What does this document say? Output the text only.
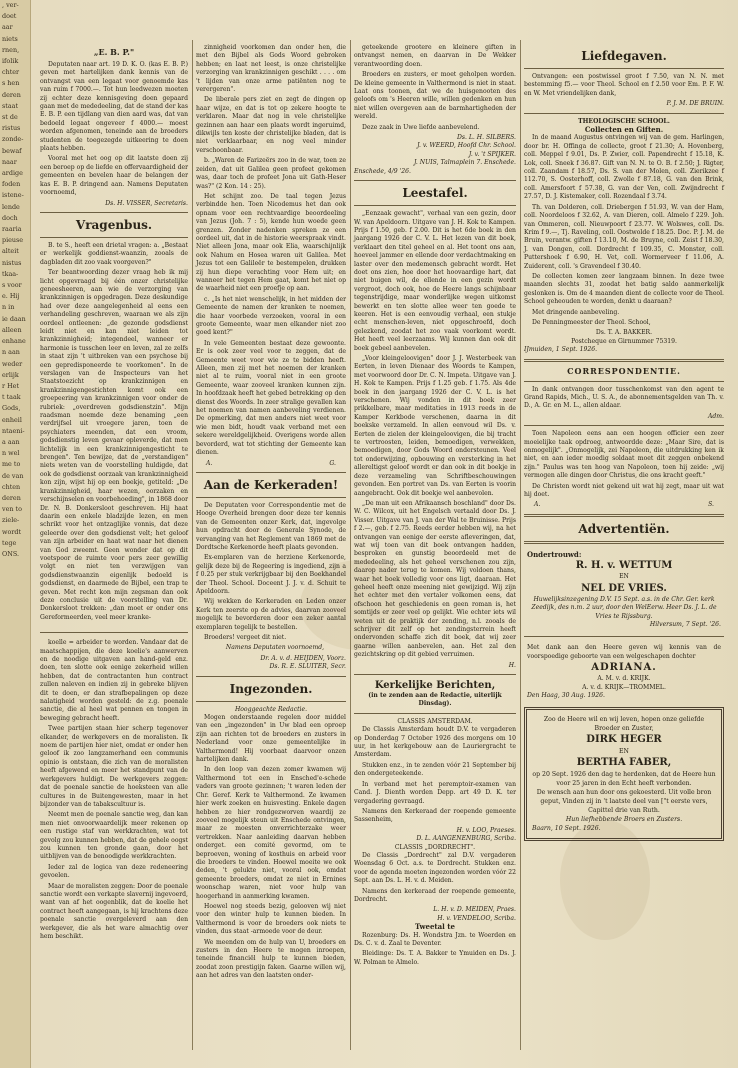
, ver-
doet
aar
niets
rnen,
ifolik
chter
s hen
deren
staat
st de
ristus
zonde-
bewaf
naar
ardige
foden
istene-
lende
doch
raaria
pieuse
alteit
nistus
tkaa-
s voor
e. Hij
n in
ie daan
alleen
enhane
n aan
weder
erlijk
r Het
t taak
Gods,
enheil
ntaeni-
a aan
n wel
me to
de van
chten
deren
ven to
ziele-
wordt
tege
ONS.
„E. B. P."

Deputaten naar art. 19 D. K. O. (kas E. B. P.) geven met hartelijken dank kennis van de ontvangst van een legaat voor genoemde kas van ruim f 7000.—. Tot hun leedwezen moeten zij echter deze kennisgeving doen gepaard gaan met de mededeeling, dat de stand der kas E. B. P. een tijdlang van dien aard was, dat van bedoeld legaat ongeveer f 4000.— moest worden afgenomen, teneinde aan de broeders studenten de toegezegde uitkeering te doen plaats hebben.

Vooral met het oog op dit laatste doen zij een beroep op de liefde en offervaardigheid der gemeenten en bevelen haar de belangen der kas E. B. P. dringend aan. Namens Deputaten voornoemd,

Ds. H. VISSER, Secretaris.
Vragenbus.

B. te S., heeft een drietal vragen: a. „Bestaat er werkelijk goddienst-waanzin, zooals de dagbladen dit zoo vaak voorgeven?"

Ter beantwoording dezer vraag heb ik mij licht opgevraagd bij één onzer christelijke geneesheeren, aan wie de verzorging van krankzinnigen is opgedragen. Deze deskundige had over deze aangelegenheid al eens een verhandeling geschreven, waaraan we als zijn oordeel ontleenen: „de gezonde godsdienst leidt niet en kan niet leiden tot krankzinnigheid; integendeel, wanneer er harmonie is tusschen leer en leven, zal ze zelfs in staat zijn 't uitbreken van een psychose bij een gepredisponeerde te voorkomen". In de verslagen van de Inspecteurs van het Staatstoezicht op krankzinnigen en krankzinnigengestichten komt ook een groepeering van krankzinnigen voor onder de rubriek: „overdreven godsdienstzin". Mijn raadsman noemde deze benaming „een verdrijfsel uit vroegere jaren, toen de psychiaters meenden, dat een vroom, godsdienstig leven gevaar opleverde, dat men lichtelijk in een krankzinnigengesticht te brengen". Ten bewijze, dat de „verstandigen" niets weten van de voorstelling huldigde, dat ook de godsdienst oorzaak van krankzinnigheid kon zijn, wijst hij op een boekje, getiteld: „De krankzinnigheid, haar wezen, oorzaken en verschijnselen en voorbehoeding", in 1868 door Dr. N. B. Donkersloot geschreven. Hij haat daarin een enkele bladzijde lezen, en men schrikt voor het ontzaglijke vonnis, dat deze geleerde over den godsdienst velt; het geloof van zijn arbeider en haat wat naar het dienen van God zweemt. Geen wonder dat op dit voetspoor de ruimte voor pers zeer gewillig volgt en niet ten verzwijgen van godsdienstwaanzin eigenlijk bedoeld is godsdienst, en daarmede de Bijbel, een trap te geven. Met recht kon mijn zegsman dan ook deze conclusie uit de voorstelling van Dr. Donkersloot trekken: „dan moet er onder ons Gereformeerden, veel meer kranke-

koelle = arbeider te worden. Vandaar dat de maatschappijen, die deze koelie's aanwerven en de noodige uitgaven aan hand-geld enz. doen, ten slotte ook eenige zekerheid willen hebben, dat de contractanten hun contract zullen naleven en indien zij in gebreke blijven dit te doen, er dan strafbepalingen op deze nalatigheid worden gesteld: de z.g. poenale sanctie, die al heel wat pennen en tongen in beweging gebracht heeft.

Twee partijen staan hier scherp tegenover elkander, de werkgevers en de moralisten. Ik noem de partijen hier niet, omdat er onder hen geloof ik zoo langzamerhand een communis opinio is ontstaan, die zich van de moralisten heeft afgewend en meer het standpunt van de werkgevers huldigt. De werkgevers zeggen: dat de poenale sanctie de hoeksteen van alle cultures in de Buitengewesten, maar in het bijzonder van de tabakscultuur is.

Neemt men de poenale sanctie weg, dan kan men niet onvoorwaardelijk meer rekenen op een rustige staf van werkkrachten, wat tot gevolg zou kunnen hebben, dat de gehele oogst zou kunnen ten gronde gaan, door het uitblijven van de benoodigde werkkrachten.

Ieder zal de logica van deze redeneering gevoelen.

Maar de moralisten zeggen: Door de poenale sanctie wordt een verkapte slavernij ingevoerd, want van af het oogenblik, dat de koelie het contract heeft aangegaan, is hij krachtens deze poenale sanctie overgeleverd aan den werkgever, die als het ware almachtig over hem beschikt.

zinnigheid voorkomen dan onder hen, die met den Bijbel als Gods Woord gebroken hebben; en laat net leest, is onze christelijke verzorging van krankzinnigen geschikt . . . . om 't lijden van onze arme patiënten nog te verergeren".

De liberale pers ziet en zegt de dingen op haar wijze, en dat is tot op zekere hoogte te verklaren. Maar dat nog in vele christelijke gezinnen aan haar een plaats wordt ingeruimd, dikwijls ten koste der christelijke bladen, dat is niet verklaarbaar, en nog veel minder verschoonbaar.

b. „Waren de Farizeërs zoo in de war, toen ze zeiden, dat uit Galilea geen profeet gekomen was, daar toch de profeet Jona uit Gath-Heser was?" (2 Kon. 14 : 25).

Het schijnt zoo. De taal tegen Jezus verbindde hen. Toen Nicodemus het dan ook opnam voor een rechtvaardige beoordeeling van Jezus (Joh. 7 : 5), kende hun woede geen grenzen. Zonder nadenken spreken ze een oordeel uit, dat in de historie weerspraak vindt. Niet alleen Jona, maar ook Elia, waarschijnlijk ook Nahum en Hosea waren uit Galilea. Met Jezus tot een Galileër te bestempelen, drukken zij hun diepe verachting voor Hem uit; en wanneer het tegen Hem gaat, komt het niet op de waarheid niet een proefje op aan.

c. „Is het niet wenschelijk, in het midden der Gemeente de namen der kranken te noemen, die haar voorbede verzoeken, vooral in een groote Gemeente, waar men elkander niet zoo goed kent?"

In vele Gemeenten bestaat deze gewoonte. Er is ook zeer veel voor te zeggen, dat de Gemeente weet voor wie ze te bidden heeft. Alleen, men zij met het noemen der kranken niet al te ruim, vooral niet in een groote Gemeente, waar zooveel kranken kunnen zijn. In hoofdzaak heeft het gebed betrekking op den dienst des Woords. In zeer stralige gevallen kan het noemen van namen aanbeveling verdienen. De opmerking, dat men anders niet weet voor wie men bidt, houdt vaak verband met een sekere wereldgelijkheid. Overigens worde allen bevorderd, wat tot stichting der Gemeente kan dienen.

A.	G.
Aan de Kerkeraden!

De Deputaten voor Correspondentie met de Hooge Overheid brengen door deze ter kennis van de Gemeenten onzer Kerk, dat, ingevolge hun opdracht door de Generale Synode, de vervanging van het Reglement van 1869 met de Dordtsche Kerkenorde heeft plaats gevonden.

Ex-emplaren van de herziene Kerkenorde, gelijk deze bij de Regeering is ingediend, zijn a f 0.25 per stuk verkrijgbaar bij den Boekhandel der Theol. School. Doceent J. J. v. d. Schuit te Apeldoorn.

Wij wekken de Kerkeraden en Leden onzer Kerk ten zeerste op de advies, daarvan zooveel mogelijk te bevorderen door een zeker aantal exemplaren tegelijk te bestellen.

Broeders! vergeet dit niet.

Namens Deputaten voornoemd,

Dr. A. v. d. HEIJDEN, Voorz.
Ds. R. E. SLUITER, Secr.
Ingezonden.
Hooggeachte Redactie.

Mogen onderstaande regelen door middel van een „ingezonden" in Uw blad een oproep zijn aan richten tot de broeders en zusters in Nederland voor onze gemeentelijke in Valthermond! Hij voorbaat daarvoor onzen hartelijken dank.

In den loop van dezen zomer kwamen wij Valthermond tot een in Ensched'e-schede vaders van groote gezinnen; 't waren leden der Chr. Geref. Kerk te Valthermond. Ze kwamen hier werk zoeken en huisvesting. Enkele dagen hebben ze hier rondgezworven waardij ze zooveel mogelijk steun uit Enschede ontvingen, maar ze moesten onverrichterzake weer vertrekken. Naar aanleiding daarvan hebben onderget. een comité gevormd, om te beproeven, woning of kosthuis en arbeid voor die broeders te vinden. Hoewel moeite we ook deden, 't gelukte niet, vooral ook, omdat gemeente broeders, omdat ze niet in Ernines woonschap waren, niet voor hulp van hoogerhand in aanmerking kwamen.

Hoewel nog steeds bezig, gelooven wij niet voor den winter hulp te kunnen bieden. In Valthermond is voor de broeders ook niets te vinden, dus staat -armoede voor de deur.

We meenden om de hulp van U, broeders en zusters in den Heere te mogen inroepen, teneinde financiël hulp te kunnen bieden, zoodat zoon prestigijn faken. Gaarne willen wij, aan het adres van den laatsten onder-

geteekende grootere en kleinere giften in ontvangst nemen, en daarvan in De Wekker verantwoording doen.

Broeders en zusters, er moet geholpen worden. De kleine gemeente in Valthermond is niet in staat. Laat ons toonen, dat we de huisgenooten des geloofs om 's Heeren wille, willen gedenken en hun niet willen overgeven aan de barmhartigheden der wereld.

Deze zaak in Uwe liefde aanbevelend.

Ds. L. H. SILBERS.
J. v. WEERD, Hoofd Chr. School.
J. v. 't SPIJKER.
J. NUIS, Talmaplein 7. Enschede.
Enschede, 4/9 '26.
Leestafel.

„Eenzaak gewacht", verhaal van een gezin, door W. van Apeldoorn. Uitgave van J. H. Kok te Kampen. Prijs f 1.50, geb. f 2.00. Dit is het 6de boek in den jaargang 1926 der C. V. L. Het lezen van dit boek, verklaart den titel geheel en al. Het toont ons aan, hoeveel jammer en ellende door verdachtmaking en laster over den medemensch gebracht wordt. Het doet ons zien, hoe door het hoovaardige hart, dat niet buigen wil, de ellende in een gezin wordt vergroot, doch ook, hoe de Heere langs schijnbaar tegenstrijdige, maar wonderlijke wegen uitkomst bewerkt en ten slotte allee weer ten goede te keeren. Het is een eenvoudig verhaal, een stukje echt menschen-leven, niet opgeschroefd, doch gelezkend, zoodat het zoo vaak voorkomt wordt. Het heeft veel leerzaams. Wij kunnen dan ook dit boek gebeel aanbevelen.

„Voor kleingeloovigen" door J. J. Westerbeek van Eerten, in leven Dienaar des Woords te Kampen, met voorwoord door Dr. C. N. Impeta. Uitgave van J. H. Kok te Kampen. Prijs f 1.25 geb. f 1.75. Als 4de boek in den jaargang 1926 der C. V. L. is het verschenen. Wij vonden in dit boek zeer prikkelbare, maar meditaties in 1913 reeds in de Kamper Kerkbode verschenen, daarna in dit boekske verzameld. In allen eenvoud wil Ds. v. Eerten de zielen der kleingeloovigen, die bij tracht te vertroosten, leiden, bemoedigen, verwekken, bemoedigen, door Gods Woord ondersteunen. Veel tot onderwijzing, opbouwing en versterking in het allereltigst geloof wordt er dan ook in dit boekje in deze verzameling van Schriftbeschouwingen gevonden. Een portret van Ds. van Eerten is voorin aangebracht. Ook dit boekje wel aanbevolen.

„De man uit een Afrikaansch boschland" door Ds. W. C. Wilcox, uit het Engelsch vertaald door Ds. J. Visser. Uitgave van J. van der Wal te Bruinisse. Prijs f 2.—, geb. f 2.75. Reeds eerder hebben wij, na het ontvangen van eenige der eerste afleveringen, dat, wat wij toen van dit boek ontvangen hadden, besproken en gunstig beoordeeld met de mededeeling, als het geheel verschenen zou zijn, daarop nader terug te komen. Wij voldoen thans, waar het boek volledig voor ons ligt, daaraan. Het geheel heeft onze meening niet gewijzigd. Wij zijn het echter met den vertaler volkomen eens, dat ofschoon het geschiedenis en geen roman is, het somtijds er zeer veel op gelijkt. Wie echter iets wil weten uit de praktijk der zending, n.l. zooals de schrijver dit zelf op het zendingsterrein heeft ondervonden schaffe zich dit boek, dat wij zeer gaarne willen aanbevelen, aan. Het zal den gezichtskring op dit gebied verruimen.

H.
Kerkelijke Berichten,
(in te zenden aan de Redactie, uiterlijk Dinsdag).
CLASSIS AMSTERDAM.

De Classis Amsterdam houdt D.V. te vergaderen op Donderdag 7 October 1926 des morgens om 10 uur, in het kerkgebouw aan de Lauriergracht te Amsterdam.

Stukken enz., in te zenden vóór 21 September bij den ondergeteekende.

In verband met het peremptoir-examen van Cand. J. Dienth worden Depp. art 49 D. K. ter vergadering gevraagd.

Namens den Kerkeraad der roepende gemeente Sassenheim,

H. v. LOO, Praeses.
D. L. AANGENENBURG, Scriba.
CLASSIS „DORDRECHT".

De Classis „Dordrecht" zal D.V. vergaderen Woensdag 6 Oct. a.s. te Dordrecht. Stukken enz. voor de agenda moeten ingezonden worden vóór 22 Sept. aan Ds. L. H. v. d. Meiden.

Namens den kerkeraad der roepende gemeente, Dordrecht.

L. H. v. D. MEIDEN, Praes.
H. v. VENDELOO, Scriba.
Tweetal te

Rozenburg: Ds. H. Wondstra Jzn. te Woerden en Ds. C. v. d. Zaal te Deventer.

Bleidinge: Ds. T. A. Bakker te Ymuiden en Ds. J. W. Polman te Almelo.

Liefdegaven.

Ontvangen: een postwissel groot f 7.50, van N. N. met bestemming f5.— voor Theol. School en f 2.50 voor Em. P. F. W. en W. Met vriendelijken dank,

P. J. M. DE BRUIN.
THEOLOGISCHE SCHOOL.
Collecten en Giften.

In de maand Augustus ontvingen wij van de gem. Harlingen, door br. H. Offinga de collecte, groot f 21.30; A. Hovenberg, coll. Meppel f 9.01, Ds. P. Zwier, coll. Papendrecht f 15.18, K. Lok, coll. Sneek f 36.87. Gift van N. N. te O. B. f 2.50; J. Rigter, coll. Zaandam f 18.57, Ds. S. van der Molen, coll. Zierikzee f 112.70, S. Oosterhoff, coll. Zwolle f 87.18, G. van den Brink, coll. Amersfoort f 57.38, G. van der Ven, coll. Zwijndrecht f 27.57, D. J. Kistemaker, coll. Rozendaal f 3.74.

Th. van Dolderen, coll. Driebergen f 51.93, W. van der Ham, coll. Noordeloos f 32.62, A. van Dieren, coll. Almelo f 229. Joh. van Ommeren, coll. Nieuwpoort f 23.77. W. Wolswes, coll. Ds. Krim f 9.—, Tj. Raveling, coll. Oostwolde f 18.25. Doc. P. J. M. de Bruin, verantw. giften f 13.10, M. de Bruyne, coll. Zeist f 18.30, J. van Dongen, coll. Dordrecht f 109.35, C. Monster, coll. Puttershoek f 6.90, H. Vet, coll. Wormerveer f 11.06, A. Zuiderent, coll. 's Gravendeel f 30.40.

De collecten komen zeer langzaam binnen. In deze twee maanden slechts 31, zoodat het batig saldo aanmerkelijk geslonken is. Om de 4 maanden dient de collecte voor de Theol. School geheouden te worden, denkt u daaraan?

Met dringende aanbeveling.

De Penningmeester der Theol. School,

Ds. T. A. BAKKER.
Postcheque en Girnummer 75319.
IJmuiden, 1 Sept. 1926.
CORRESPONDENTIE.

In dank ontvangen door tusschenkomst van den agent te Grand Rapids, Mich., U. S. A., de abonnementsgelden van Th. v. D., A. Gr. en M. L., allen aldaar.

Adm.

Toen Napoleon eens aan een hoogen officier een zeer moeielijke taak opdroeg, antwoordde deze: „Maar Sire, dat is onmogelijk". „Onmogelijk, zei Napoleon, die uitdrukking ken ik niet, en aan ieder moedig soldaat moet dit zeggen onbekend zijn." Paulus was ten hoog van Napoleon, toen hij zeide: „wij vermogen alle dingen door Christus, die ons kracht geeft."

De Christen wordt niet gekend uit wat hij zegt, maar uit wat hij doet.

A.	S.
Advertentiën.
Ondertrouwd:
R. H. v. WETTUM
EN
NEL DE VRIES.
Huwelijksinzegening D.V. 15 Sept. a.s. in de Chr. Ger. kerk Zeedijk, des n.m. 2 uur, door den WelEerw. Heer Ds. J. L. de Vries te Rijssburg.
Hilversum, 7 Sept. '26.
Met dank aan den Heere geven wij kennis van de voorspoedige geboorte van een welgeschapen dochter
ADRIANA.
A. M. v. d. KRIJK.
A. v. d. KRIJK—TROMMEL.
Den Haag, 30 Aug. 1926.
Zoo de Heere wil en wij leven, hopen onze geliefde Broeder en Zuster,
DIRK HEGER
EN
BERTHA FABER,
op 20 Sept. 1926 den dag te herdenken, dat de Heere hun voor 25 jaren in den Echt heeft verbonden.
De wensch aan hun door ons gekoesterd. Uit volle bron geput, Vinden zij in 't laatste deel van ["t eerste vers,
Capittel drie van Ruth.
Hun liefhebbende Broers en Zusters.
Baarn, 10 Sept. 1926.
